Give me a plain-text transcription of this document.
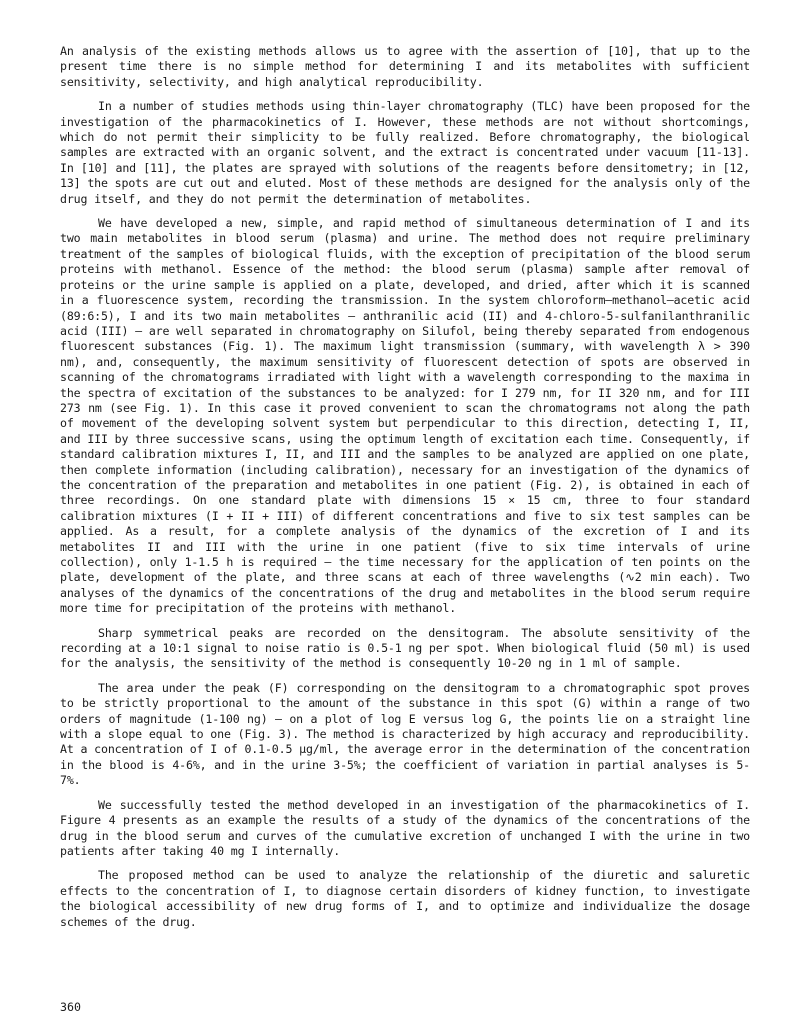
An analysis of the existing methods allows us to agree with the assertion of [10], that up to the present time there is no simple method for determining I and its metabolites with sufficient sensitivity, selectivity, and high analytical reproducibility.

In a number of studies methods using thin-layer chromatography (TLC) have been proposed for the investigation of the pharmacokinetics of I. However, these methods are not without shortcomings, which do not permit their simplicity to be fully realized. Before chromatography, the biological samples are extracted with an organic solvent, and the extract is concentrated under vacuum [11-13]. In [10] and [11], the plates are sprayed with solutions of the reagents before densitometry; in [12, 13] the spots are cut out and eluted. Most of these methods are designed for the analysis only of the drug itself, and they do not permit the determination of metabolites.

We have developed a new, simple, and rapid method of simultaneous determination of I and its two main metabolites in blood serum (plasma) and urine. The method does not require preliminary treatment of the samples of biological fluids, with the exception of precipitation of the blood serum proteins with methanol. Essence of the method: the blood serum (plasma) sample after removal of proteins or the urine sample is applied on a plate, developed, and dried, after which it is scanned in a fluorescence system, recording the transmission. In the system chloroform—methanol—acetic acid (89:6:5), I and its two main metabolites — anthranilic acid (II) and 4-chloro-5-sulfanilanthranilic acid (III) — are well separated in chromatography on Silufol, being thereby separated from endogenous fluorescent substances (Fig. 1). The maximum light transmission (summary, with wavelength λ > 390 nm), and, consequently, the maximum sensitivity of fluorescent detection of spots are observed in scanning of the chromatograms irradiated with light with a wavelength corresponding to the maxima in the spectra of excitation of the substances to be analyzed: for I 279 nm, for II 320 nm, and for III 273 nm (see Fig. 1). In this case it proved convenient to scan the chromatograms not along the path of movement of the developing solvent system but perpendicular to this direction, detecting I, II, and III by three successive scans, using the optimum length of excitation each time. Consequently, if standard calibration mixtures I, II, and III and the samples to be analyzed are applied on one plate, then complete information (including calibration), necessary for an investigation of the dynamics of the concentration of the preparation and metabolites in one patient (Fig. 2), is obtained in each of three recordings. On one standard plate with dimensions 15 × 15 cm, three to four standard calibration mixtures (I + II + III) of different concentrations and five to six test samples can be applied. As a result, for a complete analysis of the dynamics of the excretion of I and its metabolites II and III with the urine in one patient (five to six time intervals of urine collection), only 1-1.5 h is required — the time necessary for the application of ten points on the plate, development of the plate, and three scans at each of three wavelengths (∿2 min each). Two analyses of the dynamics of the concentrations of the drug and metabolites in the blood serum require more time for precipitation of the proteins with methanol.

Sharp symmetrical peaks are recorded on the densitogram. The absolute sensitivity of the recording at a 10:1 signal to noise ratio is 0.5-1 ng per spot. When biological fluid (50 ml) is used for the analysis, the sensitivity of the method is consequently 10-20 ng in 1 ml of sample.

The area under the peak (F) corresponding on the densitogram to a chromatographic spot proves to be strictly proportional to the amount of the substance in this spot (G) within a range of two orders of magnitude (1-100 ng) — on a plot of log E versus log G, the points lie on a straight line with a slope equal to one (Fig. 3). The method is characterized by high accuracy and reproducibility. At a concentration of I of 0.1-0.5 μg/ml, the average error in the determination of the concentration in the blood is 4-6%, and in the urine 3-5%; the coefficient of variation in partial analyses is 5-7%.

We successfully tested the method developed in an investigation of the pharmacokinetics of I. Figure 4 presents as an example the results of a study of the dynamics of the concentrations of the drug in the blood serum and curves of the cumulative excretion of unchanged I with the urine in two patients after taking 40 mg I internally.

The proposed method can be used to analyze the relationship of the diuretic and saluretic effects to the concentration of I, to diagnose certain disorders of kidney function, to investigate the biological accessibility of new drug forms of I, and to optimize and individualize the dosage schemes of the drug.

360
